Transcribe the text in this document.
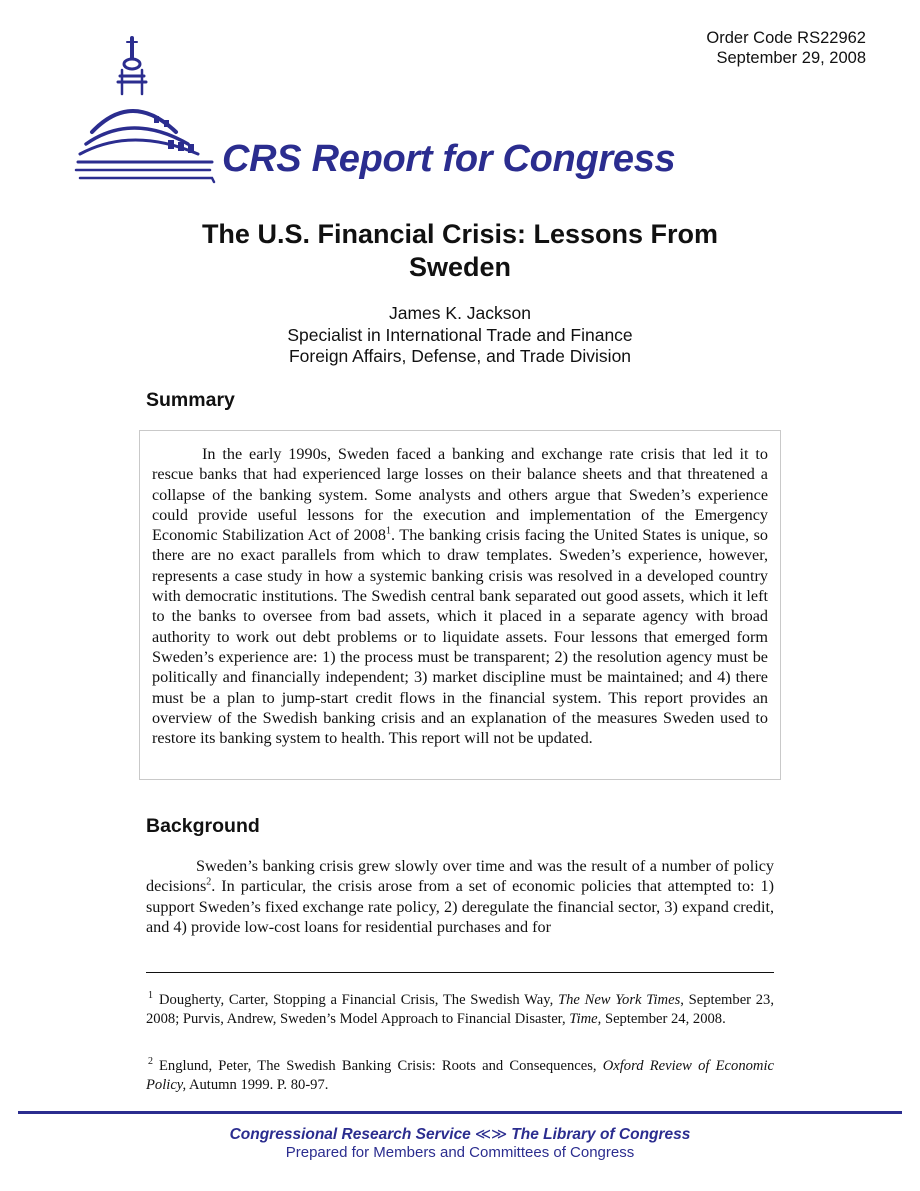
Order Code RS22962
September 29, 2008
CRS Report for Congress
The U.S. Financial Crisis: Lessons From
Sweden
James K. Jackson
Specialist in International Trade and Finance
Foreign Affairs, Defense, and Trade Division
Summary

In the early 1990s, Sweden faced a banking and exchange rate crisis that led it to rescue banks that had experienced large losses on their balance sheets and that threatened a collapse of the banking system. Some analysts and others argue that Sweden’s experience could provide useful lessons for the execution and implementation of the Emergency Economic Stabilization Act of 2008$^1$. The banking crisis facing the United States is unique, so there are no exact parallels from which to draw templates. Sweden’s experience, however, represents a case study in how a systemic banking crisis was resolved in a developed country with democratic institutions. The Swedish central bank separated out good assets, which it left to the banks to oversee from bad assets, which it placed in a separate agency with broad authority to work out debt problems or to liquidate assets. Four lessons that emerged form Sweden’s experience are: 1) the process must be transparent; 2) the resolution agency must be politically and financially independent; 3) market discipline must be maintained; and 4) there must be a plan to jump-start credit flows in the financial system. This report provides an overview of the Swedish banking crisis and an explanation of the measures Sweden used to restore its banking system to health. This report will not be updated.

Background

Sweden’s banking crisis grew slowly over time and was the result of a number of policy decisions$^2$. In particular, the crisis arose from a set of economic policies that attempted to: 1) support Sweden’s fixed exchange rate policy, 2) deregulate the financial sector, 3) expand credit, and 4) provide low-cost loans for residential purchases and for

$^1$ Dougherty, Carter, Stopping a Financial Crisis, The Swedish Way, The New York Times, September 23, 2008; Purvis, Andrew, Sweden’s Model Approach to Financial Disaster, Time, September 24, 2008.

$^2$ Englund, Peter, The Swedish Banking Crisis: Roots and Consequences, Oxford Review of Economic Policy, Autumn 1999. P. 80-97.

Congressional Research Service ≪≫ The Library of Congress
Prepared for Members and Committees of Congress
